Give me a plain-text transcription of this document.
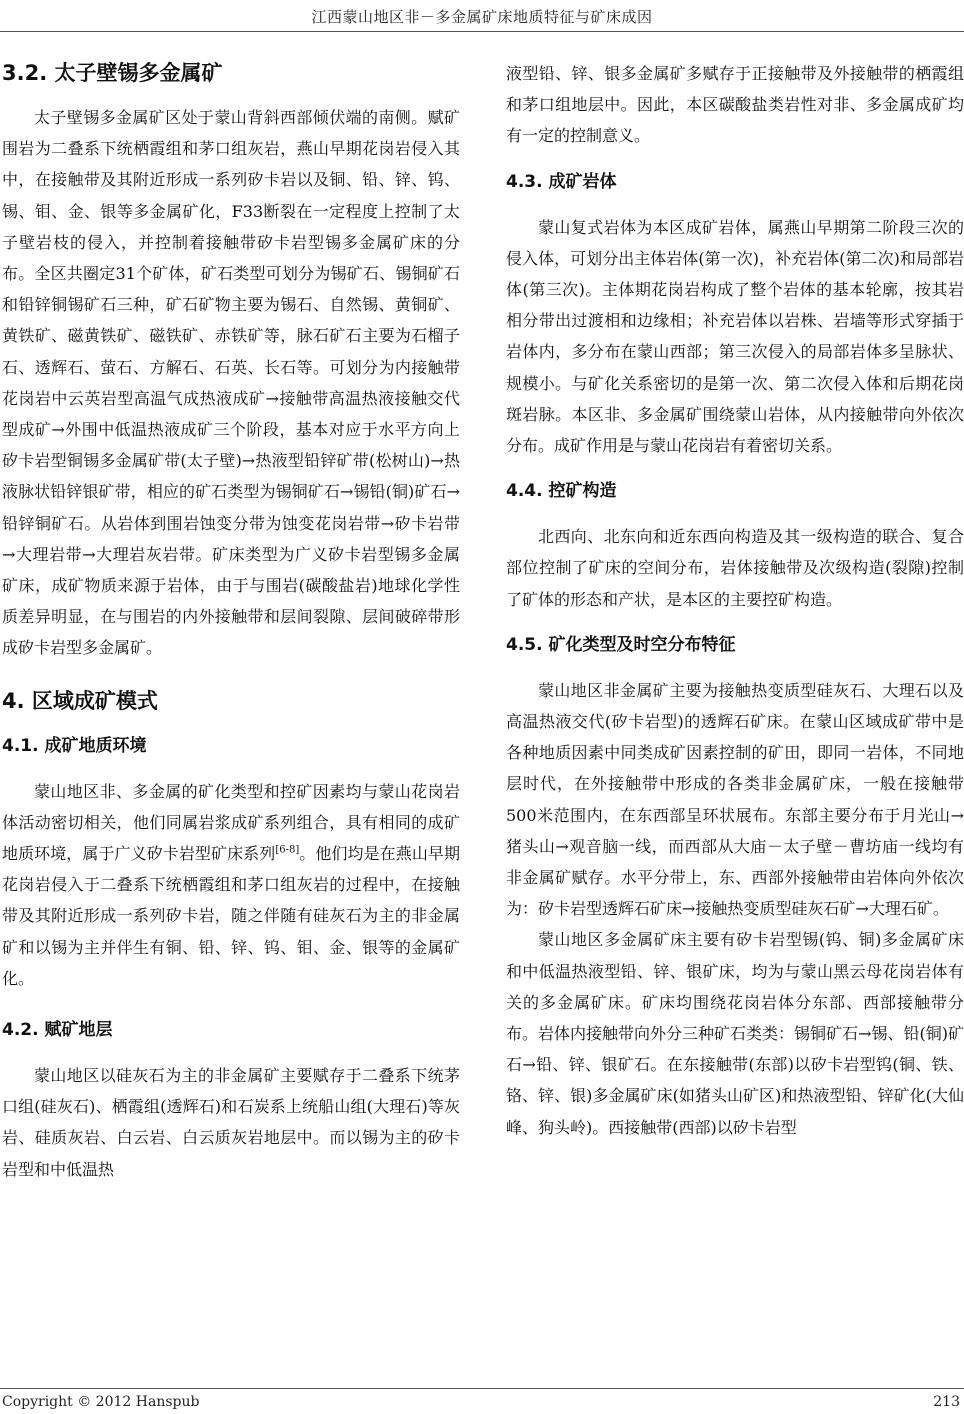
江西蒙山地区非－多金属矿床地质特征与矿床成因
3.2. 太子壁锡多金属矿

太子壁锡多金属矿区处于蒙山背斜西部倾伏端的南侧。赋矿围岩为二叠系下统栖霞组和茅口组灰岩，燕山早期花岗岩侵入其中，在接触带及其附近形成一系列矽卡岩以及铜、铅、锌、钨、锡、钼、金、银等多金属矿化，F33断裂在一定程度上控制了太子壁岩枝的侵入，并控制着接触带矽卡岩型锡多金属矿床的分布。全区共圈定31个矿体，矿石类型可划分为锡矿石、锡铜矿石和铅锌铜锡矿石三种，矿石矿物主要为锡石、自然锡、黄铜矿、黄铁矿、磁黄铁矿、磁铁矿、赤铁矿等，脉石矿石主要为石榴子石、透辉石、萤石、方解石、石英、长石等。可划分为内接触带花岗岩中云英岩型高温气成热液成矿→接触带高温热液接触交代型成矿→外围中低温热液成矿三个阶段，基本对应于水平方向上矽卡岩型铜锡多金属矿带(太子壁)→热液型铅锌矿带(松树山)→热液脉状铅锌银矿带，相应的矿石类型为锡铜矿石→锡铅(铜)矿石→铅锌铜矿石。从岩体到围岩蚀变分带为蚀变花岗岩带→矽卡岩带→大理岩带→大理岩灰岩带。矿床类型为广义矽卡岩型锡多金属矿床，成矿物质来源于岩体，由于与围岩(碳酸盐岩)地球化学性质差异明显，在与围岩的内外接触带和层间裂隙、层间破碎带形成矽卡岩型多金属矿。

4. 区域成矿模式
4.1. 成矿地质环境

蒙山地区非、多金属的矿化类型和控矿因素均与蒙山花岗岩体活动密切相关，他们同属岩浆成矿系列组合，具有相同的成矿地质环境，属于广义矽卡岩型矿床系列[6-8]。他们均是在燕山早期花岗岩侵入于二叠系下统栖霞组和茅口组灰岩的过程中，在接触带及其附近形成一系列矽卡岩，随之伴随有硅灰石为主的非金属矿和以锡为主并伴生有铜、铅、锌、钨、钼、金、银等的金属矿化。

4.2. 赋矿地层

蒙山地区以硅灰石为主的非金属矿主要赋存于二叠系下统茅口组(硅灰石)、栖霞组(透辉石)和石炭系上统船山组(大理石)等灰岩、硅质灰岩、白云岩、白云质灰岩地层中。而以锡为主的矽卡岩型和中低温热

液型铅、锌、银多金属矿多赋存于正接触带及外接触带的栖霞组和茅口组地层中。因此，本区碳酸盐类岩性对非、多金属成矿均有一定的控制意义。

4.3. 成矿岩体

蒙山复式岩体为本区成矿岩体，属燕山早期第二阶段三次的侵入体，可划分出主体岩体(第一次)，补充岩体(第二次)和局部岩体(第三次)。主体期花岗岩构成了整个岩体的基本轮廓，按其岩相分带出过渡相和边缘相；补充岩体以岩株、岩墙等形式穿插于岩体内，多分布在蒙山西部；第三次侵入的局部岩体多呈脉状、规模小。与矿化关系密切的是第一次、第二次侵入体和后期花岗斑岩脉。本区非、多金属矿围绕蒙山岩体，从内接触带向外依次分布。成矿作用是与蒙山花岗岩有着密切关系。

4.4. 控矿构造

北西向、北东向和近东西向构造及其一级构造的联合、复合部位控制了矿床的空间分布，岩体接触带及次级构造(裂隙)控制了矿体的形态和产状，是本区的主要控矿构造。

4.5. 矿化类型及时空分布特征

蒙山地区非金属矿主要为接触热变质型硅灰石、大理石以及高温热液交代(矽卡岩型)的透辉石矿床。在蒙山区域成矿带中是各种地质因素中同类成矿因素控制的矿田，即同一岩体，不同地层时代，在外接触带中形成的各类非金属矿床，一般在接触带500米范围内，在东西部呈环状展布。东部主要分布于月光山→猪头山→观音脑一线，而西部从大庙－太子壁－曹坊庙一线均有非金属矿赋存。水平分带上，东、西部外接触带由岩体向外依次为：矽卡岩型透辉石矿床→接触热变质型硅灰石矿→大理石矿。

蒙山地区多金属矿床主要有矽卡岩型锡(钨、铜)多金属矿床和中低温热液型铅、锌、银矿床，均为与蒙山黑云母花岗岩体有关的多金属矿床。矿床均围绕花岗岩体分东部、西部接触带分布。岩体内接触带向外分三种矿石类类：锡铜矿石→锡、铅(铜)矿石→铅、锌、银矿石。在东接触带(东部)以矽卡岩型钨(铜、铁、铬、锌、银)多金属矿床(如猪头山矿区)和热液型铅、锌矿化(大仙峰、狗头岭)。西接触带(西部)以矽卡岩型

Copyright © 2012 Hanspub	213
